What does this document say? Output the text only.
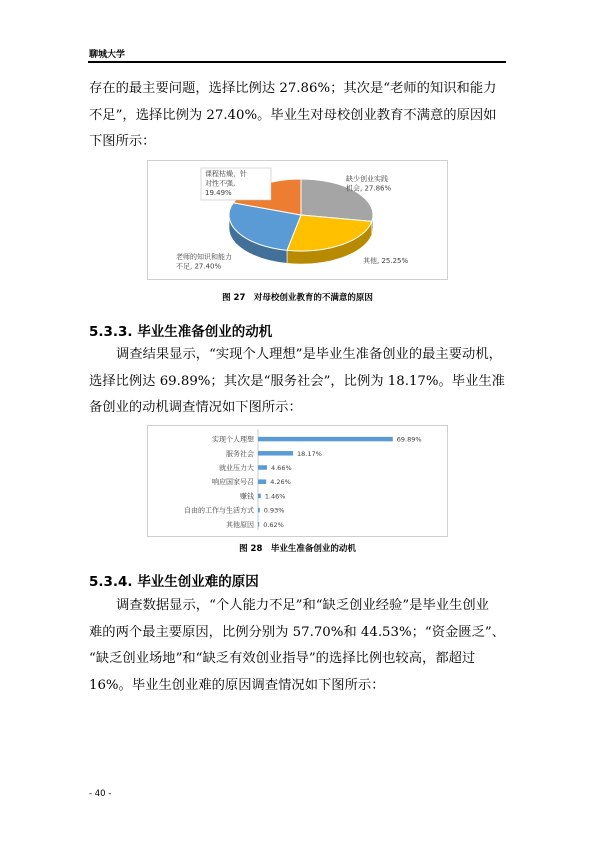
聊城大学
存在的最主要问题，选择比例达 27.86%；其次是“老师的知识和能力
不足”，选择比例为 27.40%。毕业生对母校创业教育不满意的原因如
下图所示：
缺少创业实践
机会, 27.86%
其他, 25.25%
老师的知识和能力
不足, 27.40%
课程枯燥，针
对性不强,
19.49%
图 27　对母校创业教育的不满意的原因
5.3.3. 毕业生准备创业的动机
调查结果显示，“实现个人理想”是毕业生准备创业的最主要动机，
选择比例达 69.89%；其次是“服务社会”，比例为 18.17%。毕业生准
备创业的动机调查情况如下图所示：
实现个人理想	69.89%
服务社会	18.17%
就业压力大	4.66%
响应国家号召 4.26%
赚钱 1.46%
自由的工作与生活方式 0.93%
其他原因 0.62%
图 28　毕业生准备创业的动机
5.3.4. 毕业生创业难的原因
调查数据显示，“个人能力不足”和“缺乏创业经验”是毕业生创业
难的两个最主要原因，比例分别为 57.70%和 44.53%；“资金匮乏”、
“缺乏创业场地”和“缺乏有效创业指导”的选择比例也较高，都超过
16%。毕业生创业难的原因调查情况如下图所示：
- 40 -
